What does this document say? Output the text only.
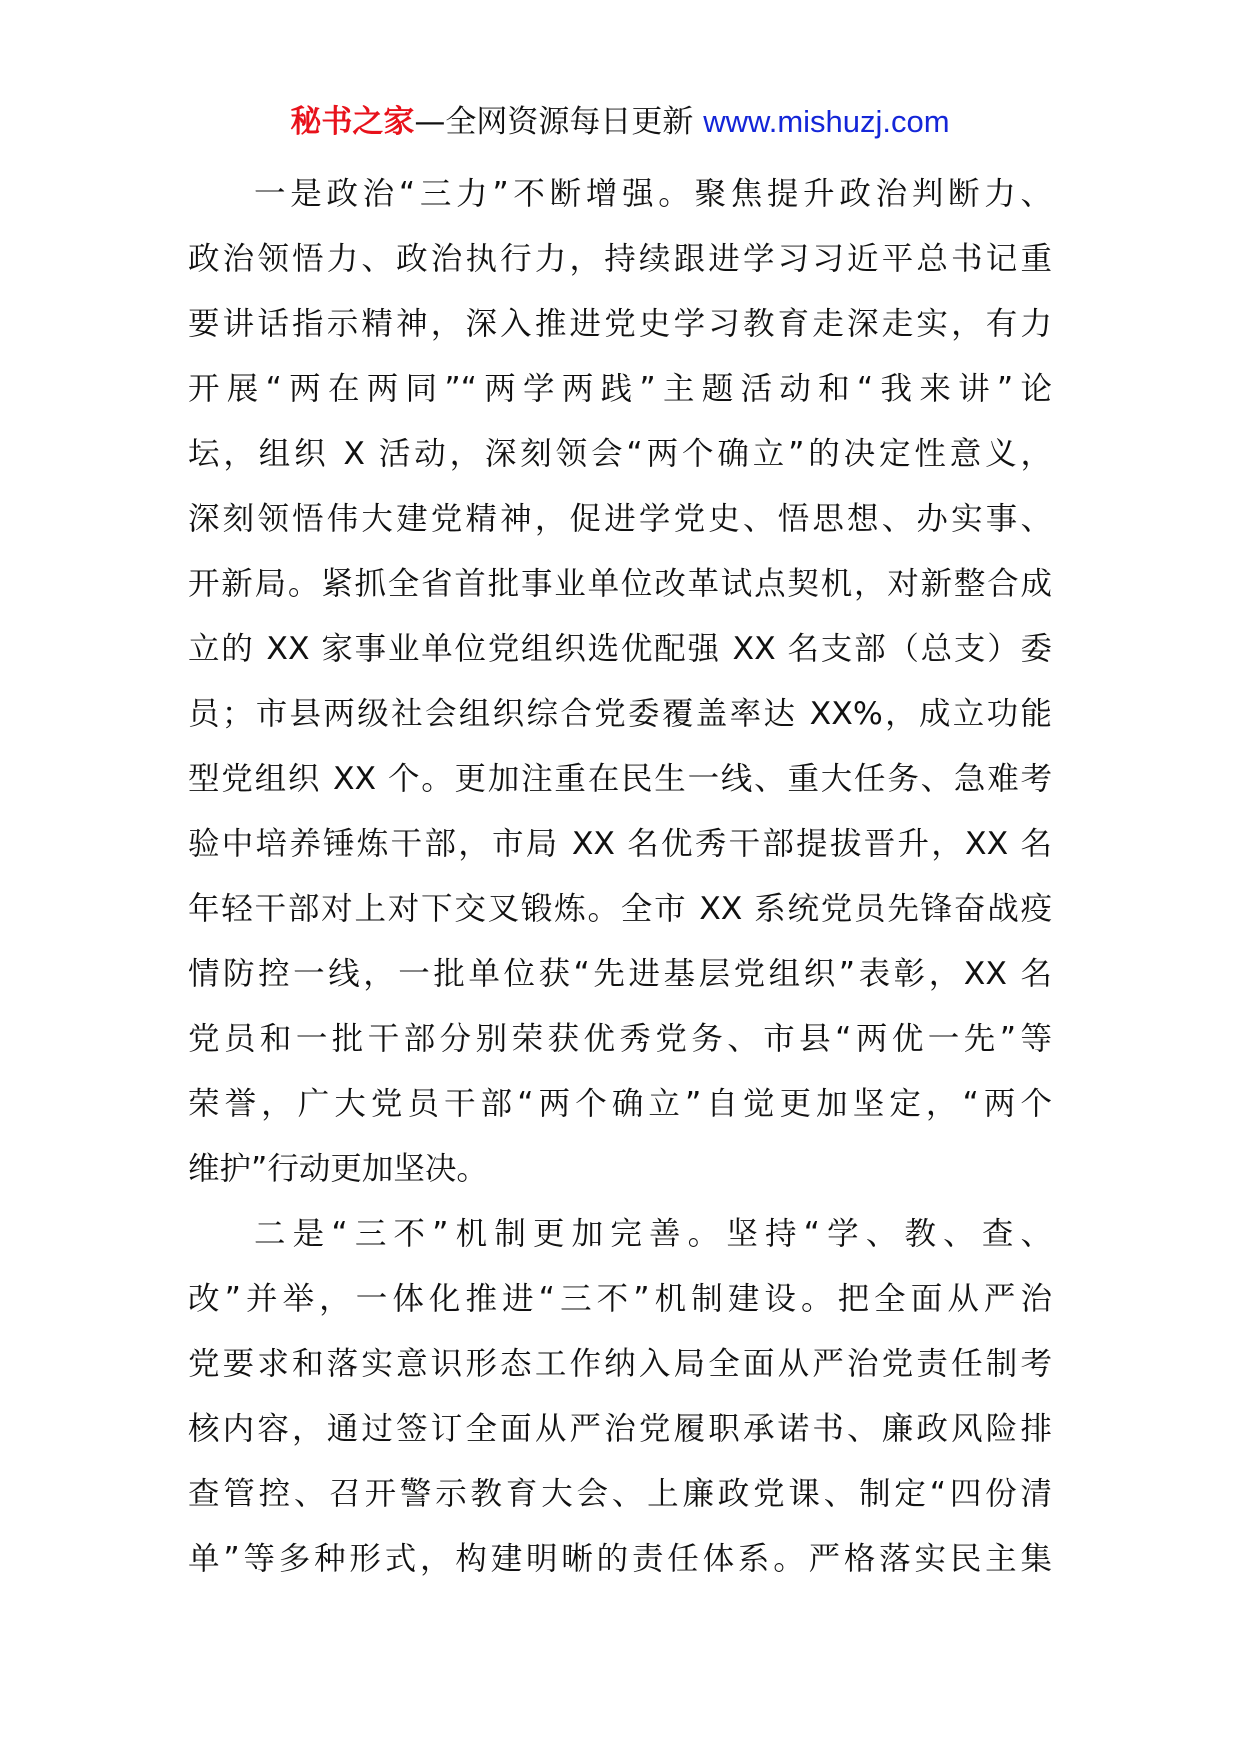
秘书之家—全网资源每日更新 www.mishuzj.com
一是政治“三力”不断增强。聚焦提升政治判断力、
政治领悟力、政治执行力，持续跟进学习习近平总书记重
要讲话指示精神，深入推进党史学习教育走深走实，有力
开展“两在两同”“两学两践”主题活动和“我来讲”论
坛，组织 X 活动，深刻领会“两个确立”的决定性意义，
深刻领悟伟大建党精神，促进学党史、悟思想、办实事、
开新局。紧抓全省首批事业单位改革试点契机，对新整合成
立的 XX 家事业单位党组织选优配强 XX 名支部（总支）委
员；市县两级社会组织综合党委覆盖率达 XX%，成立功能
型党组织 XX 个。更加注重在民生一线、重大任务、急难考
验中培养锤炼干部，市局 XX 名优秀干部提拔晋升，XX 名
年轻干部对上对下交叉锻炼。全市 XX 系统党员先锋奋战疫
情防控一线，一批单位获“先进基层党组织”表彰，XX 名
党员和一批干部分别荣获优秀党务、市县“两优一先”等
荣誉，广大党员干部“两个确立”自觉更加坚定，“两个
维护”行动更加坚决。
二是“三不”机制更加完善。坚持“学、教、查、
改”并举，一体化推进“三不”机制建设。把全面从严治
党要求和落实意识形态工作纳入局全面从严治党责任制考
核内容，通过签订全面从严治党履职承诺书、廉政风险排
查管控、召开警示教育大会、上廉政党课、制定“四份清
单”等多种形式，构建明晰的责任体系。严格落实民主集
